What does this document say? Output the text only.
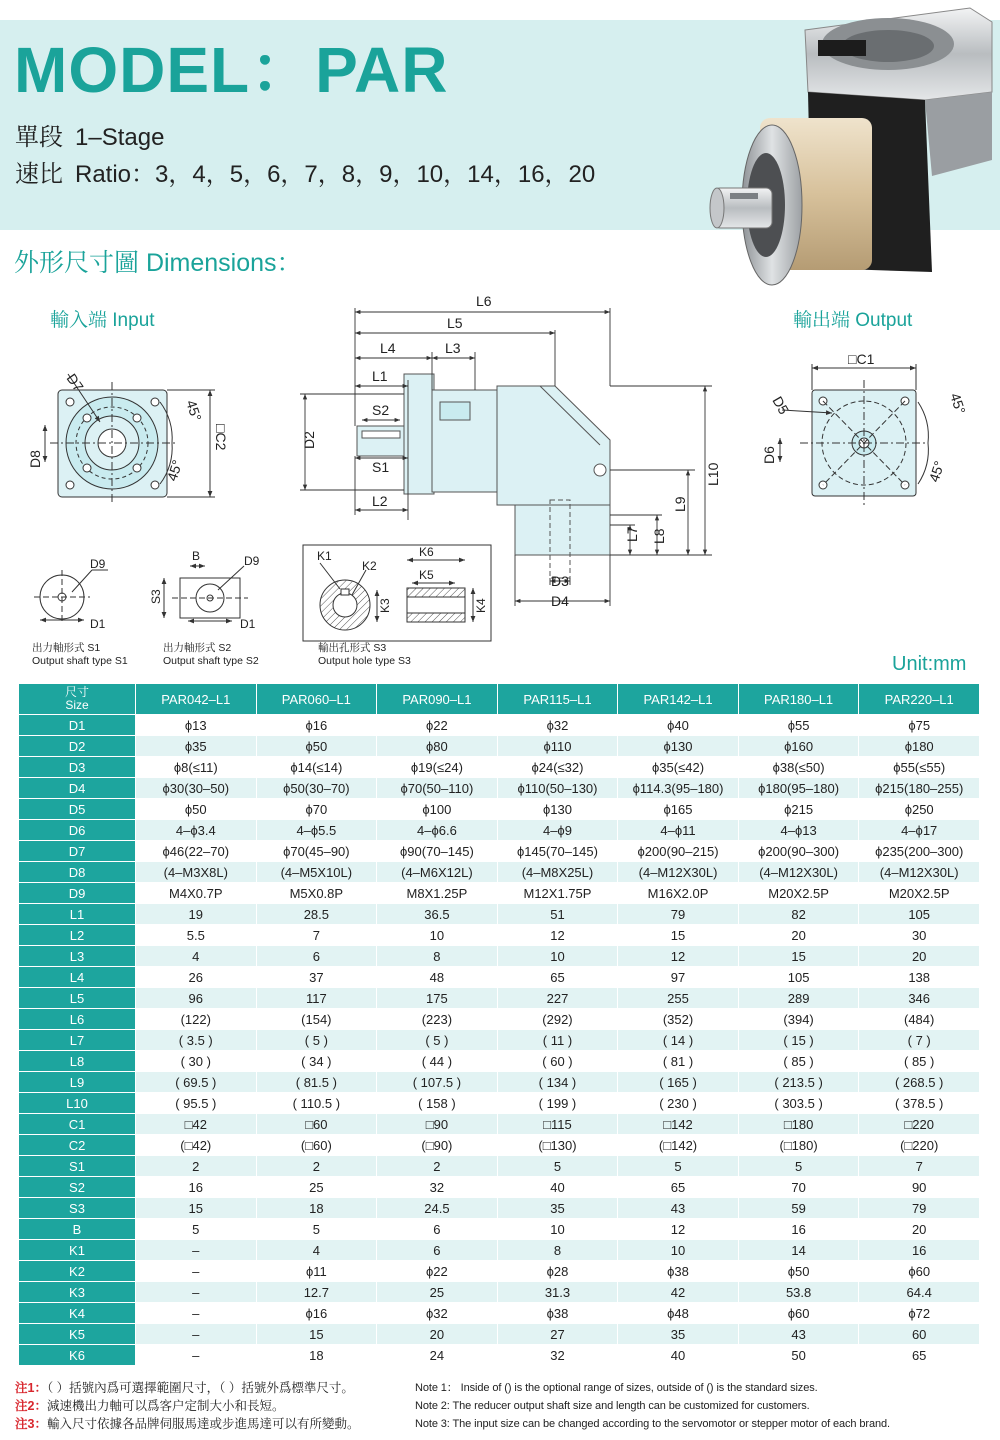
MODEL：PAR
單段 1–Stage
速比 Ratio：3，4，5，6，7，8，9，10，14，16，20
外形尺寸圖 Dimensions：
輸入端 Input	輸出端 Output
D7
45°
□C2
45°
D8
L6
L5
L4	L3
L1
S2
S1
L2
D2
L10
L9
L8
L7
D3
D4
□C1
D5
D6
45°
45°
D9
D1
出力軸形式 S1
Output shaft type S1
B	D9
S3
D1
出力軸形式 S2
Output shaft type S2
K1
K2
K6
K5
K3	K4
輸出孔形式 S3
Output hole type S3	Unit:mm
尺寸
Size	PAR042–L1	PAR060–L1	PAR090–L1	PAR115–L1	PAR142–L1	PAR180–L1	PAR220–L1
D1	ϕ13	ϕ16	ϕ22	ϕ32	ϕ40	ϕ55	ϕ75
D2	ϕ35	ϕ50	ϕ80	ϕ110	ϕ130	ϕ160	ϕ180
D3	ϕ8(≤11)	ϕ14(≤14)	ϕ19(≤24)	ϕ24(≤32)	ϕ35(≤42)	ϕ38(≤50)	ϕ55(≤55)
D4	ϕ30(30–50)	ϕ50(30–70)	ϕ70(50–110)	ϕ110(50–130)	ϕ114.3(95–180)	ϕ180(95–180)	ϕ215(180–255)
D5	ϕ50	ϕ70	ϕ100	ϕ130	ϕ165	ϕ215	ϕ250
D6	4–ϕ3.4	4–ϕ5.5	4–ϕ6.6	4–ϕ9	4–ϕ11	4–ϕ13	4–ϕ17
D7	ϕ46(22–70)	ϕ70(45–90)	ϕ90(70–145)	ϕ145(70–145)	ϕ200(90–215)	ϕ200(90–300)	ϕ235(200–300)
D8	(4–M3X8L)	(4–M5X10L)	(4–M6X12L)	(4–M8X25L)	(4–M12X30L)	(4–M12X30L)	(4–M12X30L)
D9	M4X0.7P	M5X0.8P	M8X1.25P	M12X1.75P	M16X2.0P	M20X2.5P	M20X2.5P
L1	19	28.5	36.5	51	79	82	105
L2	5.5	7	10	12	15	20	30
L3	4	6	8	10	12	15	20
L4	26	37	48	65	97	105	138
L5	96	117	175	227	255	289	346
L6	(122)	(154)	(223)	(292)	(352)	(394)	(484)
L7	( 3.5 )	( 5 )	( 5 )	( 11 )	( 14 )	( 15 )	( 7 )
L8	( 30 )	( 34 )	( 44 )	( 60 )	( 81 )	( 85 )	( 85 )
L9	( 69.5 )	( 81.5 )	( 107.5 )	( 134 )	( 165 )	( 213.5 )	( 268.5 )
L10	( 95.5 )	( 110.5 )	( 158 )	( 199 )	( 230 )	( 303.5 )	( 378.5 )
C1	□42	□60	□90	□115	□142	□180	□220
C2	(□42)	(□60)	(□90)	(□130)	(□142)	(□180)	(□220)
S1	2	2	2	5	5	5	7
S2	16	25	32	40	65	70	90
S3	15	18	24.5	35	43	59	79
B	5	5	6	10	12	16	20
K1	–	4	6	8	10	14	16
K2	–	ϕ11	ϕ22	ϕ28	ϕ38	ϕ50	ϕ60
K3	–	12.7	25	31.3	42	53.8	64.4
K4	–	ϕ16	ϕ32	ϕ38	ϕ48	ϕ60	ϕ72
K5	–	15	20	27	35	43	60
K6	–	18	24	32	40	50	65
注1：（ ）括號內爲可選擇範圍尺寸，（ ）括號外爲標準尺寸。	Note 1： Inside of () is the optional range of sizes, outside of () is the standard sizes.
注2：減速機出力軸可以爲客户定制大小和長短。	Note 2: The reducer output shaft size and length can be customized for customers.
注3：輸入尺寸依據各品牌伺服馬達或步進馬達可以有所變動。	Note 3: The input size can be changed according to the servomotor or stepper motor of each brand.
